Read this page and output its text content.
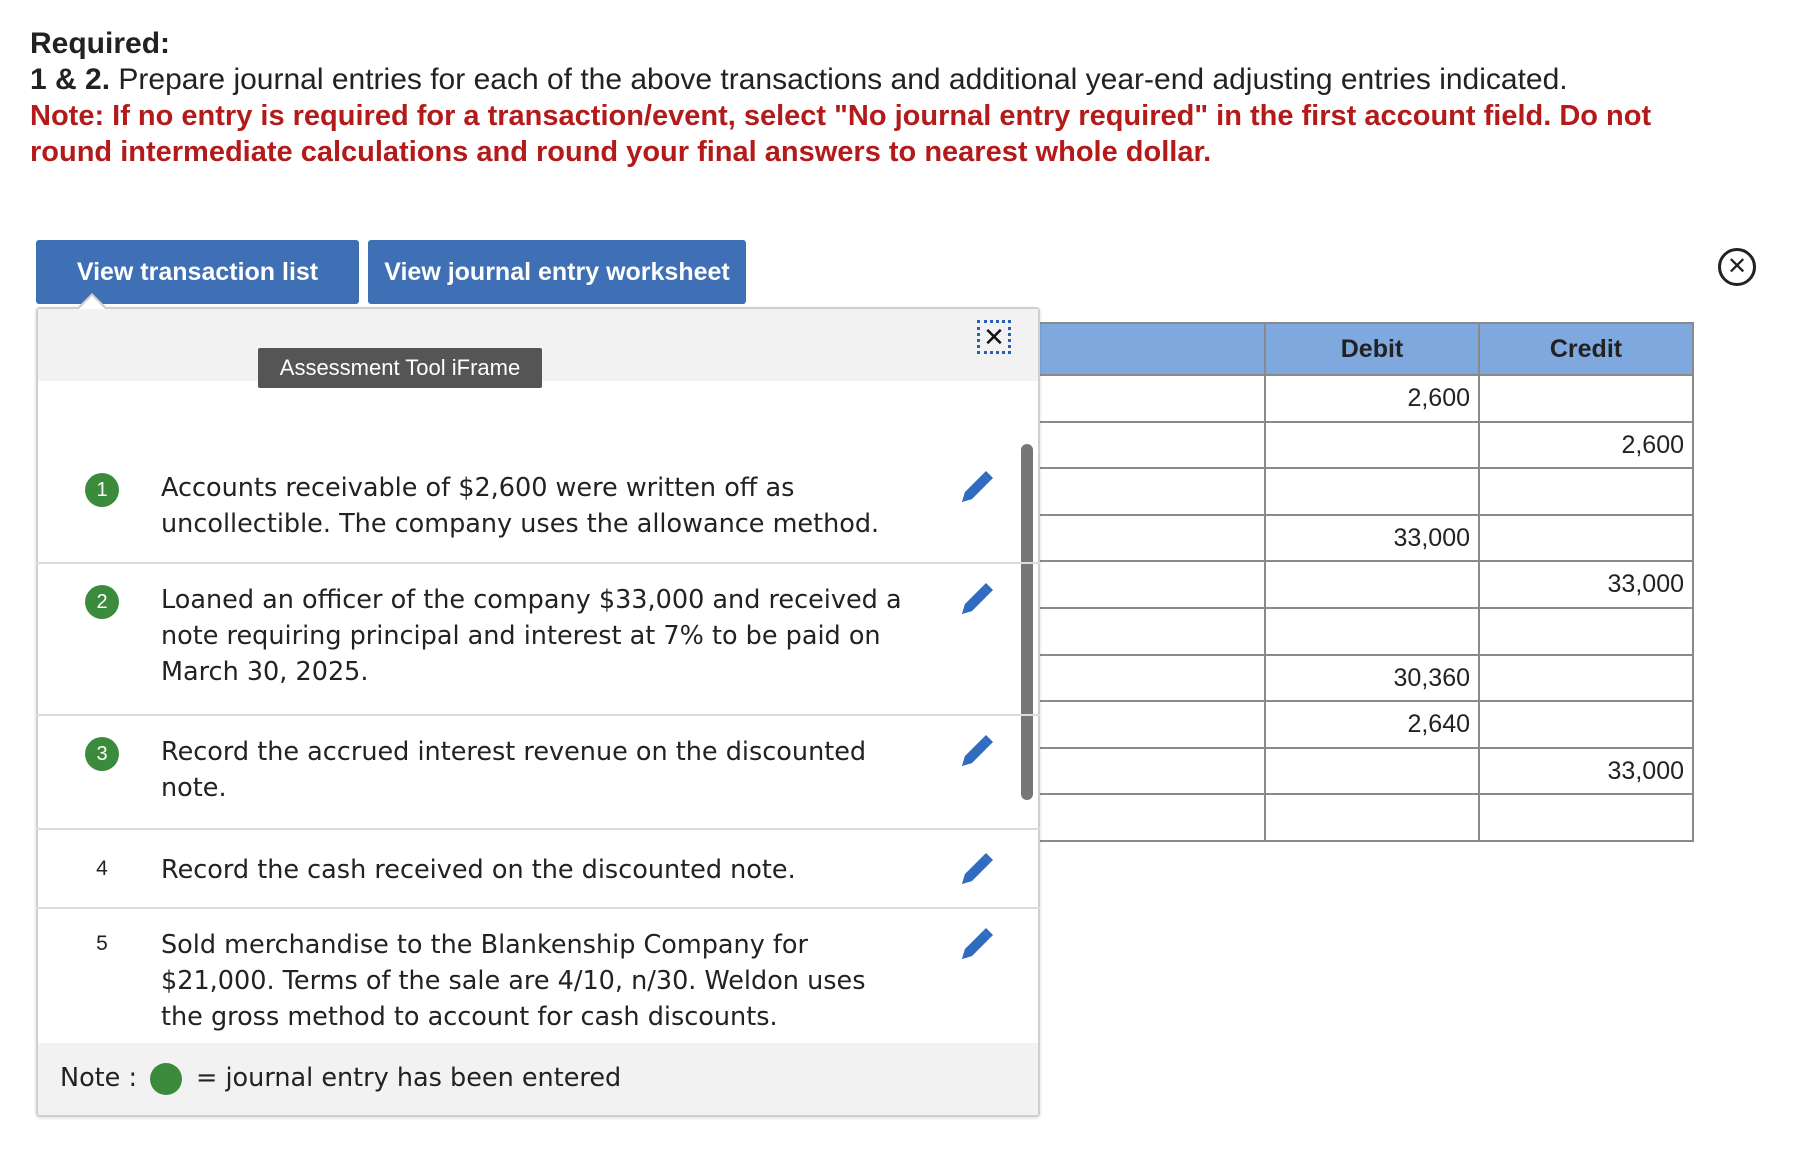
Required:
1 & 2. Prepare journal entries for each of the above transactions and additional year-end adjusting entries indicated.
Note: If no entry is required for a transaction/event, select "No journal entry required" in the first account field. Do not
round intermediate calculations and round your final answers to nearest whole dollar.
View transaction list	View journal entry worksheet	✕
	Debit	Credit
	2,600	
		2,600

	33,000	
		33,000

	30,360	
	2,640	
		33,000

Assessment Tool iFrame
✕
1	Accounts receivable of $2,600 were written off as
uncollectible. The company uses the allowance method.
2	Loaned an officer of the company $33,000 and received a
note requiring principal and interest at 7% to be paid on
March 30, 2025.
3	Record the accrued interest revenue on the discounted
note.
4	Record the cash received on the discounted note.
5	Sold merchandise to the Blankenship Company for
$21,000. Terms of the sale are 4/10, n/30. Weldon uses
the gross method to account for cash discounts.
Note : = journal entry has been entered
